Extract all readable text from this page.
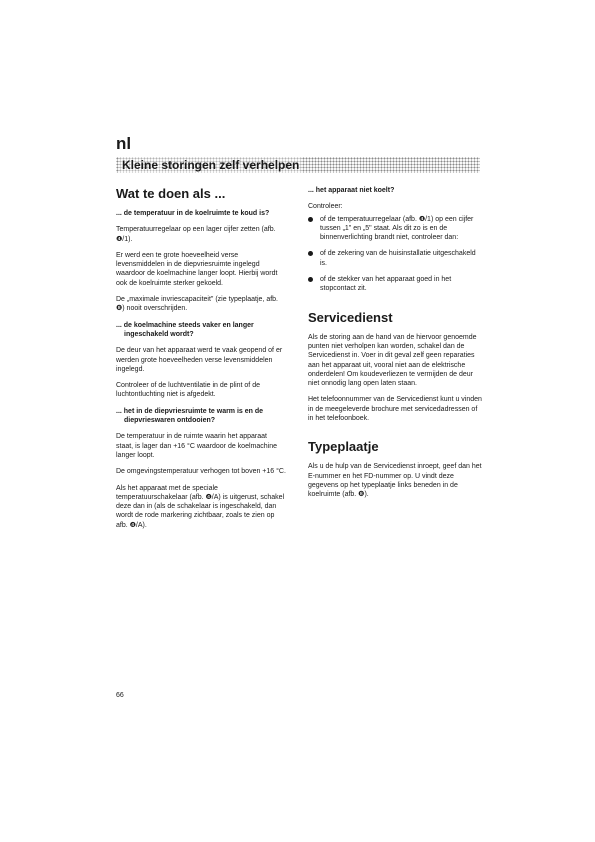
nl
Kleine storingen zelf verhelpen
Wat te doen als ...
... de temperatuur in de koelruimte te koud is?

Temperatuurregelaar op een lager cijfer zetten (afb. ❹/1).

Er werd een te grote hoeveelheid verse levensmiddelen in de diepvriesruimte ingelegd waardoor de koelmachine langer loopt. Hierbij wordt ook de koelruimte sterker gekoeld.

De „maximale invriescapaciteit" (zie typeplaatje, afb. ❽) nooit overschrijden.

... de koelmachine steeds vaker en langer ingeschakeld wordt?

De deur van het apparaat werd te vaak geopend of er werden grote hoeveelheden verse levensmiddelen ingelegd.

Controleer of de luchtventilatie in de plint of de luchtontluchting niet is afgedekt.

... het in de diepvriesruimte te warm is en de diepvrieswaren ontdooien?

De temperatuur in de ruimte waarin het apparaat staat, is lager dan +16 °C waardoor de koelmachine langer loopt.

De omgevingstemperatuur verhogen tot boven +16 °C.

Als het apparaat met de speciale temperatuurschakelaar (afb. ❹/A) is uitgerust, schakel deze dan in (als de schakelaar is ingeschakeld, dan wordt de rode markering zichtbaar, zoals te zien op afb. ❹/A).

... het apparaat niet koelt?

Controleer:

of de temperatuurregelaar (afb. ❹/1) op een cijfer tussen „1" en „5" staat. Als dit zo is en de binnenverlichting brandt niet, controleer dan:
of de zekering van de huisinstallatie uitgeschakeld is.
of de stekker van het apparaat goed in het stopcontact zit.
Servicedienst

Als de storing aan de hand van de hiervoor genoemde punten niet verholpen kan worden, schakel dan de Servicedienst in. Voer in dit geval zelf geen reparaties aan het apparaat uit, vooral niet aan de elektrische onderdelen! Om koudeverliezen te vermijden de deur niet onnodig lang open laten staan.

Het telefoonnummer van de Servicedienst kunt u vinden in de meegeleverde brochure met servicedadressen of in het telefoonboek.

Typeplaatje

Als u de hulp van de Servicedienst inroept, geef dan het E-nummer en het FD-nummer op. U vindt deze gegevens op het typeplaatje links beneden in de koelruimte (afb. ❽).

66
